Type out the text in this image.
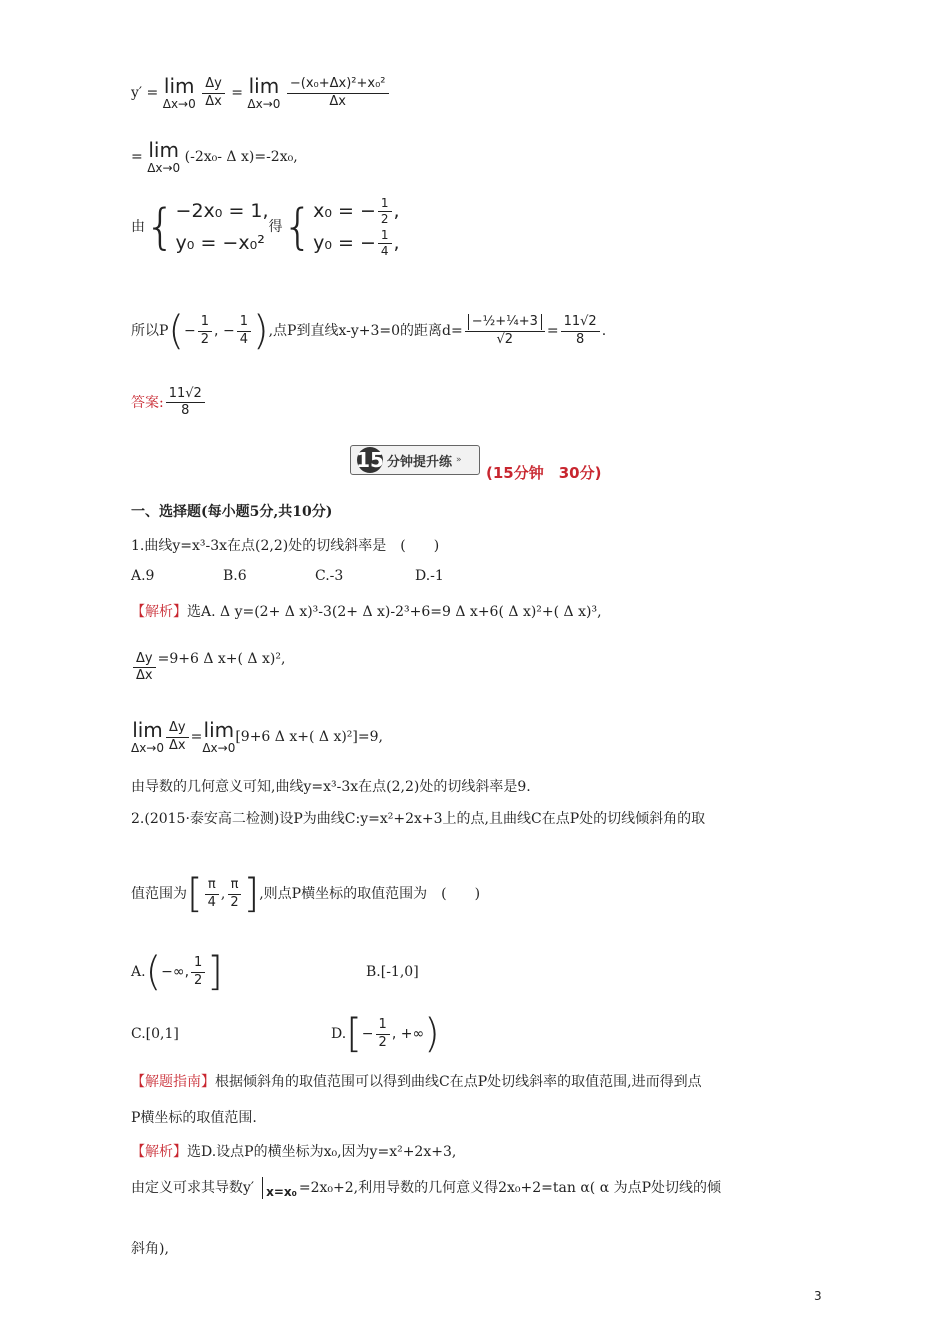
y′ = lim
Δx→0
$\frac{\Delta y}{\Delta x} = \lim$
Δx→0
$\frac{\text{−(x₀+Δx)²+x₀²}}{\Delta x}$
= lim
Δx→0
(-2x₀- Δ x)=-2x₀,
由{ −2x₀ = 1,
y₀ = −x₀²
得{ x₀ = − $\frac{1}{2}$ ,
y₀ = − $\frac{1}{4}$ ,
所以$P(- \frac{1}{2}$ , − $\frac{1}{4}$ ),点P到直线x-y+3=0的距离$d= \frac{\text{−½+¼+3}}{√2} = \frac{11√2}{8}$ .
答案: $\frac{11√2}{8}$
15 分钟提升练 »
(15分钟　30分)
一、选择题(每小题5分,共10分)
1.曲线y=x³-3x在点(2,2)处的切线斜率是　(　　)
A.9	B.6	C.-3	D.-1
【解析】选A. Δ y=(2+ Δ x)³-3(2+ Δ x)-2³+6=9 Δ x+6( Δ x)²+( Δ x)³,
$\frac{\Delta y}{\Delta x} =9+6$ Δ x+( Δ x)²,
lim
$\Delta x\to 0 \frac{\Delta y}{\Delta x} = \lim$
Δx→0
[9+6 Δ x+( Δ x)²]=9,
由导数的几何意义可知,曲线y=x³-3x在点(2,2)处的切线斜率是9.
2.(2015·泰安高二检测)设P为曲线C:y=x²+2x+3上的点,且曲线C在点P处的切线倾斜角的取
值范围为[ $\frac{\pi}{4}$ , $\frac{\pi}{2}$ ],则点P横坐标的取值范围为　(　　)
A.(−∞, $\frac{1}{2}$ ]	B.[-1,0]
C.[0,1]	$D.[- \frac{1}{2}$ , +∞)
【解题指南】根据倾斜角的取值范围可以得到曲线C在点P处切线斜率的取值范围,进而得到点
P横坐标的取值范围.
【解析】选D.设点P的横坐标为x₀,因为y=x²+2x+3,
由定义可求其导数y′ x=x₀ =2x₀+2,利用导数的几何意义得2x₀+2=tan α( α 为点P处切线的倾
斜角),
3
